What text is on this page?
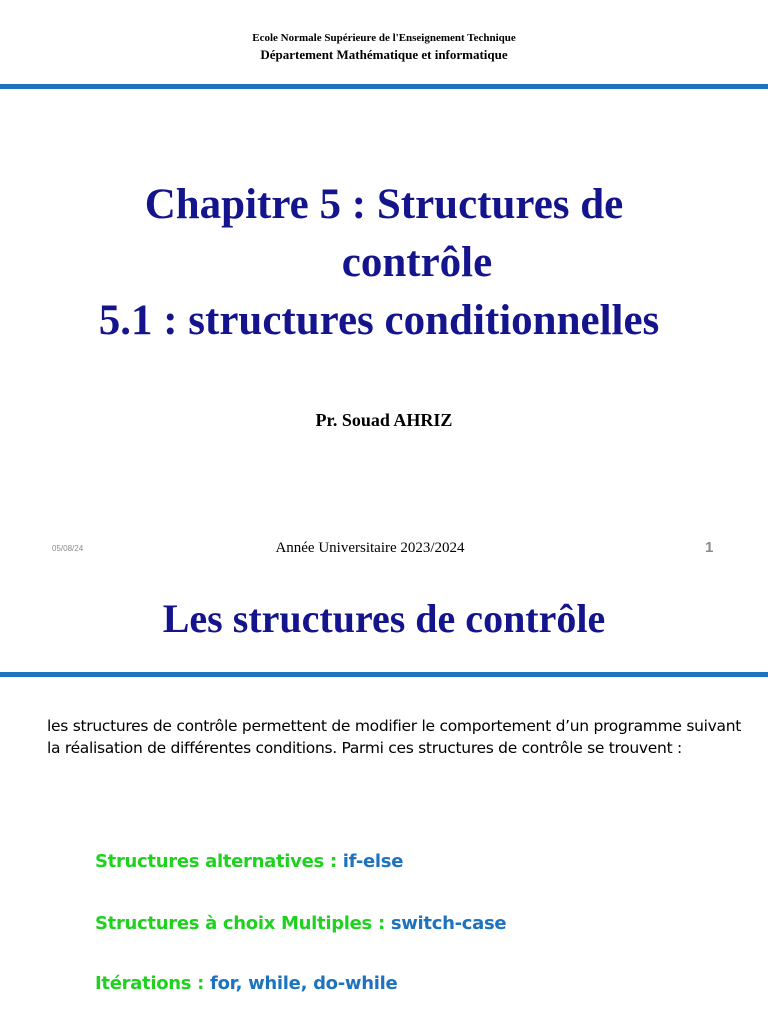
Ecole Normale Supérieure de l'Enseignement Technique
Département Mathématique et informatique
Chapitre 5 : Structures de
contrôle
5.1 : structures conditionnelles
Pr. Souad AHRIZ
05/08/24	Année Universitaire 2023/2024	1
Les structures de contrôle
les structures de contrôle permettent de modifier le comportement d’un programme suivant la réalisation de différentes conditions. Parmi ces structures de contrôle se trouvent :
Structures alternatives : if-else
Structures à choix Multiples : switch-case
Itérations : for, while, do-while
